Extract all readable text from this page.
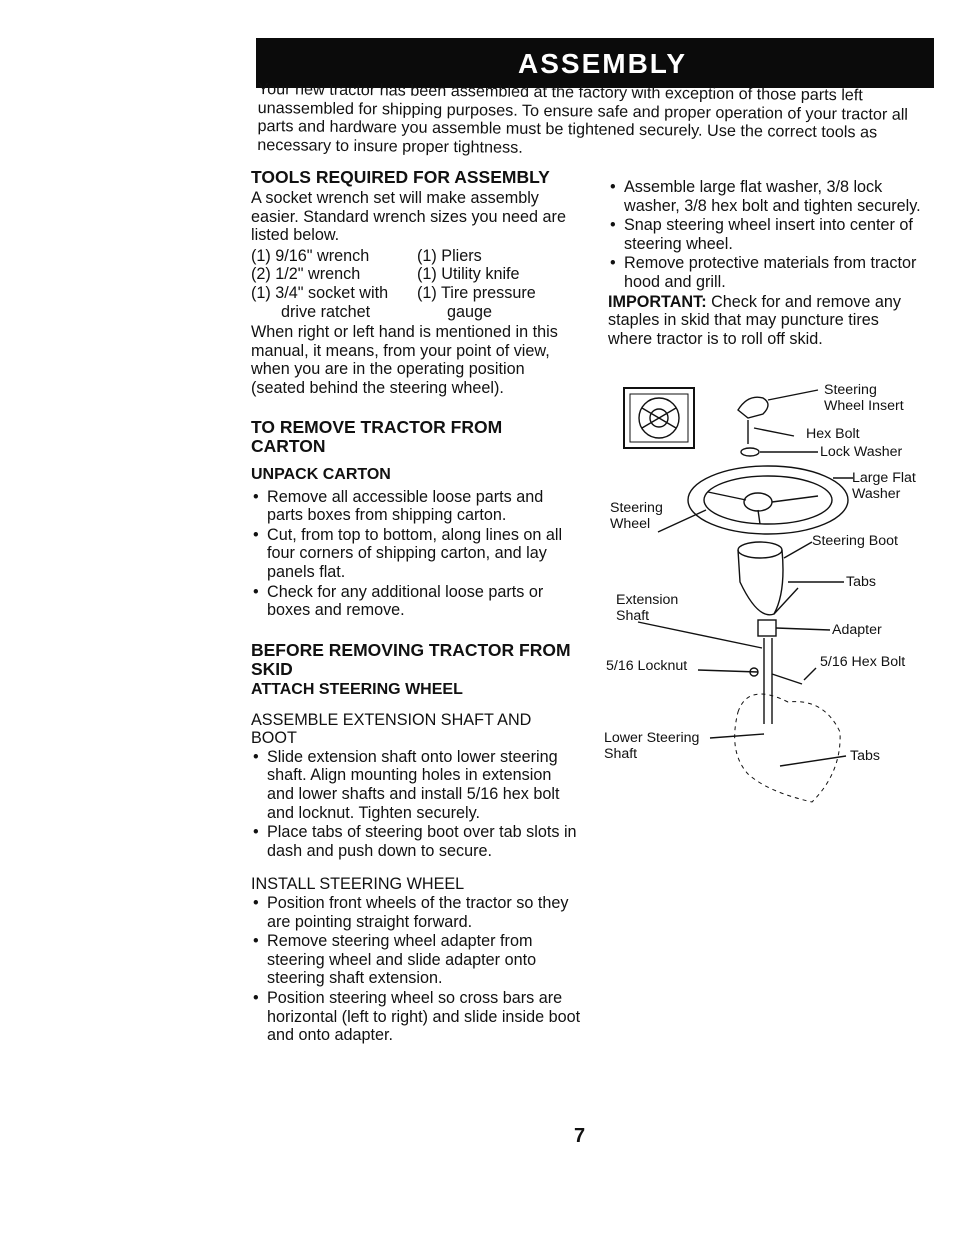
ASSEMBLY

Your new tractor has been assembled at the factory with exception of those parts left unassembled for shipping purposes. To ensure safe and proper operation of your tractor all parts and hardware you assemble must be tightened securely. Use the correct tools as necessary to insure proper tightness.

TOOLS REQUIRED FOR ASSEMBLY

A socket wrench set will make assembly easier. Standard wrench sizes you need are listed below.

(1) 9/16" wrench	(1) Pliers
(2) 1/2" wrench	(1) Utility knife
(1) 3/4" socket with	(1) Tire pressure
drive ratchet	gauge

When right or left hand is mentioned in this manual, it means, from your point of view, when you are in the operating position (seated behind the steering wheel).

TO REMOVE TRACTOR FROM CARTON
UNPACK CARTON
• Remove all accessible loose parts and parts boxes from shipping carton.
• Cut, from top to bottom, along lines on all four corners of shipping carton, and lay panels flat.
• Check for any additional loose parts or boxes and remove.
BEFORE REMOVING TRACTOR FROM SKID
ATTACH STEERING WHEEL

ASSEMBLE EXTENSION SHAFT AND BOOT

• Slide extension shaft onto lower steering shaft. Align mounting holes in extension and lower shafts and install 5/16 hex bolt and locknut. Tighten securely.
• Place tabs of steering boot over tab slots in dash and push down to secure.

INSTALL STEERING WHEEL

• Position front wheels of the tractor so they are pointing straight forward.
• Remove steering wheel adapter from steering wheel and slide adapter onto steering shaft extension.
• Position steering wheel so cross bars are horizontal (left to right) and slide inside boot and onto adapter.
• Assemble large flat washer, 3/8 lock washer, 3/8 hex bolt and tighten securely.
• Snap steering wheel insert into center of steering wheel.
• Remove protective materials from tractor hood and grill.

IMPORTANT: Check for and remove any staples in skid that may puncture tires where tractor is to roll off skid.

Steering
Wheel Insert
Hex Bolt
Lock Washer
Large Flat
Washer
Steering
Wheel
Steering Boot
Tabs
Extension
Shaft
Adapter
5/16 Locknut	5/16 Hex Bolt
Lower Steering
Shaft	Tabs
7
